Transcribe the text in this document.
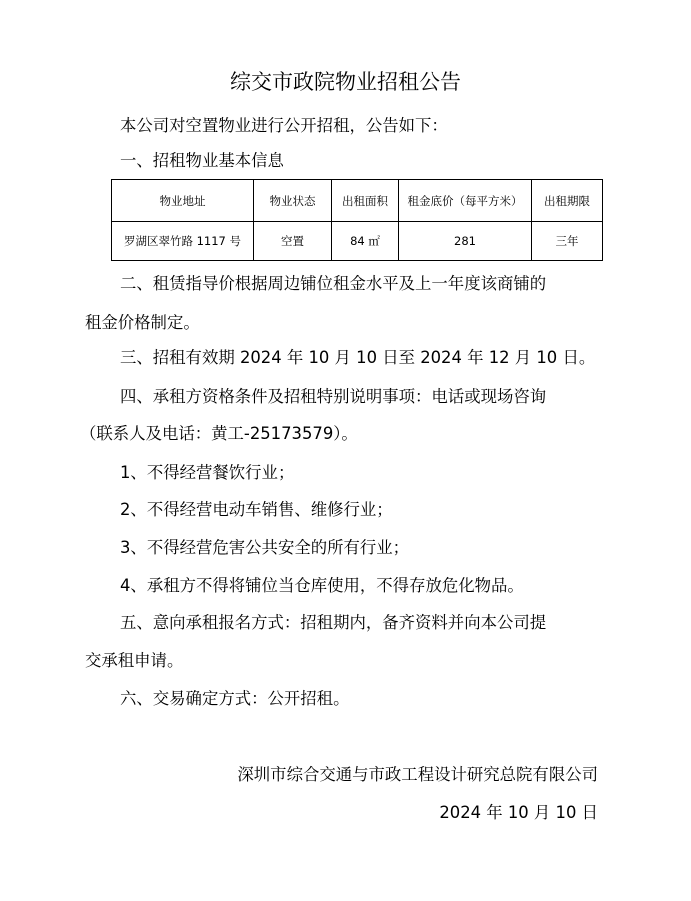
综交市政院物业招租公告
本公司对空置物业进行公开招租，公告如下：
一、招租物业基本信息
物业地址	物业状态	出租面积	租金底价（每平方米）	出租期限
罗湖区翠竹路 1117 号	空置	84 ㎡	281	三年
二、租赁指导价根据周边铺位租金水平及上一年度该商铺的
租金价格制定。
三、招租有效期 2024 年 10 月 10 日至 2024 年 12 月 10 日。
四、承租方资格条件及招租特别说明事项：电话或现场咨询
（联系人及电话：黄工-25173579）。
1、不得经营餐饮行业；
2、不得经营电动车销售、维修行业；
3、不得经营危害公共安全的所有行业；
4、承租方不得将铺位当仓库使用，不得存放危化物品。
五、意向承租报名方式：招租期内，备齐资料并向本公司提
交承租申请。
六、交易确定方式：公开招租。
深圳市综合交通与市政工程设计研究总院有限公司
2024 年 10 月 10 日
